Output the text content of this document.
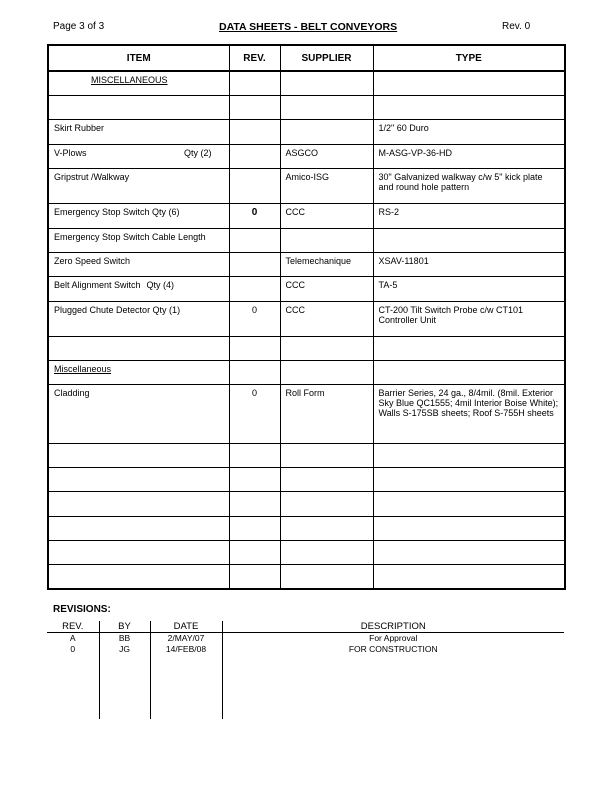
Page 3 of 3	DATA SHEETS - BELT CONVEYORS	Rev. 0
ITEM	REV.	SUPPLIER	TYPE
MISCELLANEOUS			

Skirt Rubber			1/2" 60 Duro
V-Plows Qty (2)		ASGCO	M-ASG-VP-36-HD
Gripstrut /Walkway		Amico-ISG	30" Galvanized walkway c/w 5" kick plate and round hole pattern
Emergency Stop Switch Qty (6)	0	CCC	RS-2
Emergency Stop Switch Cable Length			
Zero Speed Switch		Telemechanique	XSAV-11801
Belt Alignment Switch Qty (4)		CCC	TA-5
Plugged Chute Detector Qty (1)	0	CCC	CT-200 Tilt Switch Probe c/w CT101 Controller Unit

Miscellaneous			
Cladding	0	Roll Form	Barrier Series, 24 ga., 8/4mil. (8mil. Exterior Sky Blue QC1555; 4mil Interior Boise White); Walls S-175SB sheets; Roof S-755H sheets

REVISIONS:
REV.	BY	DATE	DESCRIPTION
A	BB	2/MAY/07	For Approval
0	JG	14/FEB/08	FOR CONSTRUCTION
